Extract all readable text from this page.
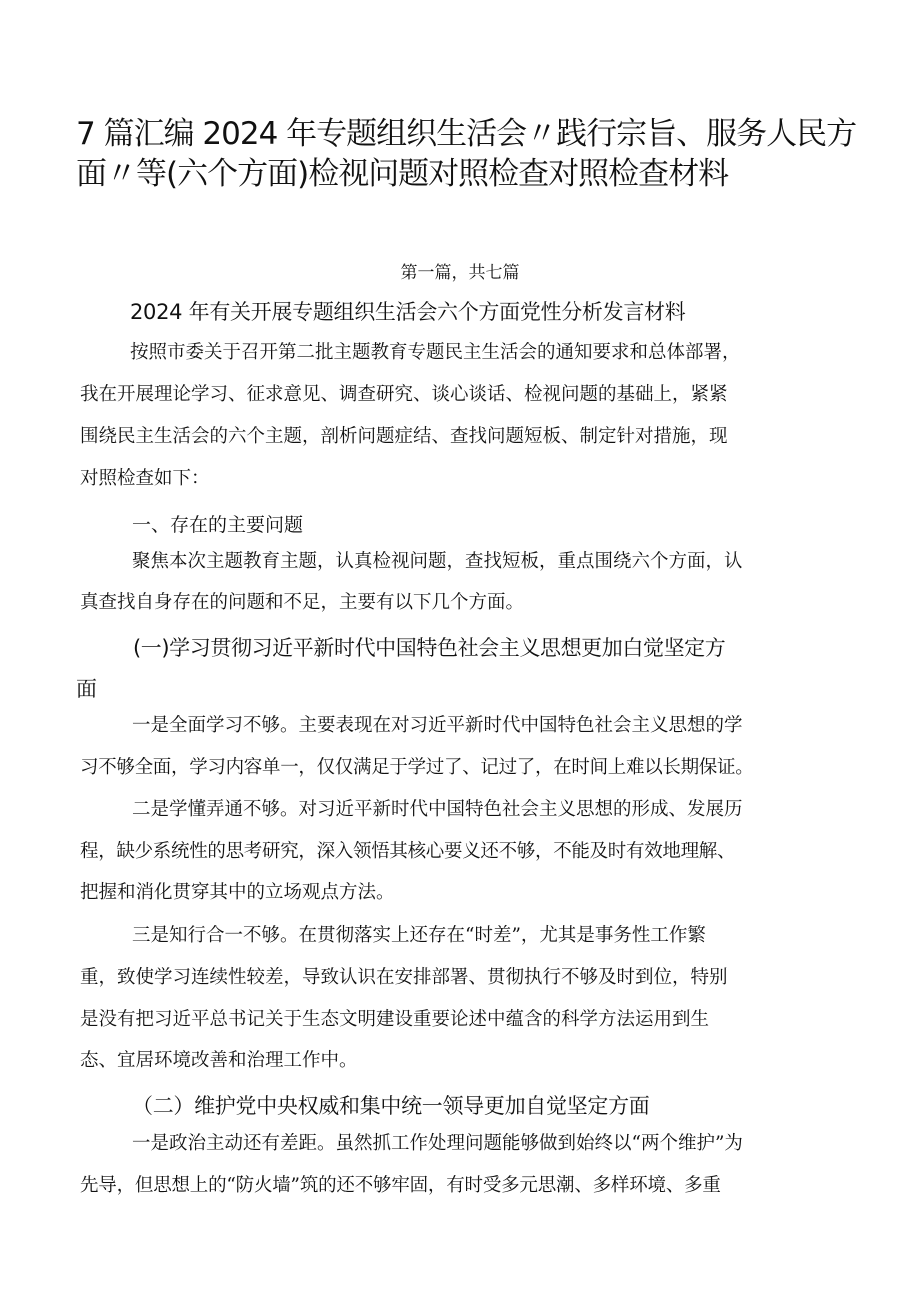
7 篇汇编 2024 年专题组织生活会〃践行宗旨、服务人民方
面〃等(六个方面)检视问题对照检查对照检查材料
第一篇，共七篇
2024 年有关开展专题组织生活会六个方面党性分析发言材料
按照市委关于召开第二批主题教育专题民主生活会的通知要求和总体部署，
我在开展理论学习、征求意见、调查研究、谈心谈话、检视问题的基础上，紧紧
围绕民主生活会的六个主题，剖析问题症结、查找问题短板、制定针对措施，现
对照检查如下：
一、存在的主要问题
聚焦本次主题教育主题，认真检视问题，查找短板，重点围绕六个方面，认
真查找自身存在的问题和不足，主要有以下几个方面。
(一)学习贯彻习近平新时代中国特色社会主义思想更加白觉坚定方
面
一是全面学习不够。主要表现在对习近平新时代中国特色社会主义思想的学
习不够全面，学习内容单一，仅仅满足于学过了、记过了，在时间上难以长期保证。
二是学懂弄通不够。对习近平新时代中国特色社会主义思想的形成、发展历
程，缺少系统性的思考研究，深入领悟其核心要义还不够，不能及时有效地理解、
把握和消化贯穿其中的立场观点方法。
三是知行合一不够。在贯彻落实上还存在“时差”，尤其是事务性工作繁
重，致使学习连续性较差，导致认识在安排部署、贯彻执行不够及时到位，特别
是没有把习近平总书记关于生态文明建设重要论述中蕴含的科学方法运用到生
态、宜居环境改善和治理工作中。
（二）维护党中央权威和集中统一领导更加自觉坚定方面
一是政治主动还有差距。虽然抓工作处理问题能够做到始终以“两个维护”为
先导，但思想上的“防火墙”筑的还不够牢固，有时受多元思潮、多样环境、多重
